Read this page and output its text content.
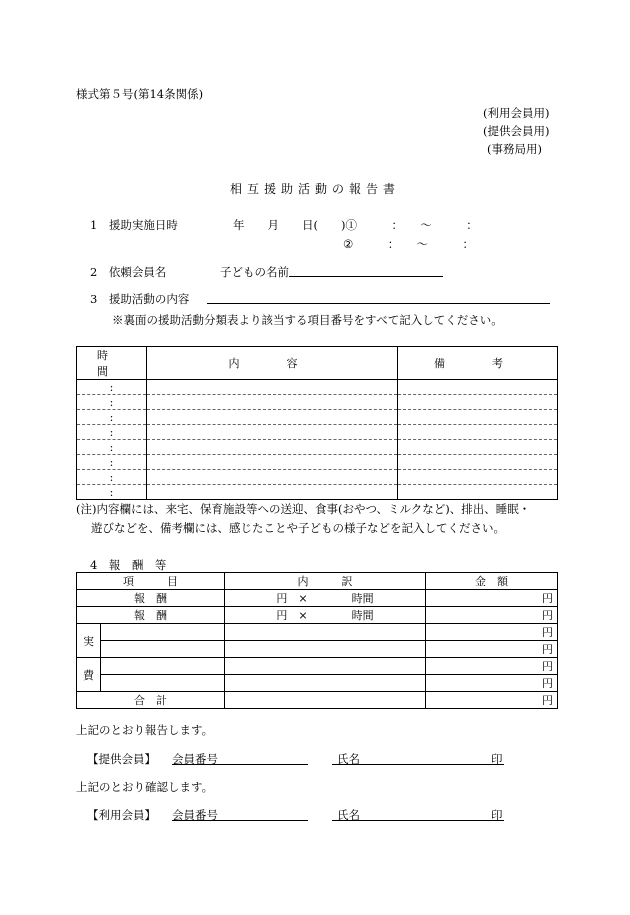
様式第５号(第14条関係)
(利用会員用)
(提供会員用)
(事務局用)
相互援助活動の報告書
1　援助実施日時	年　　月　　日(　　)①　　　：　　〜　　　：
②　　　：　　〜　　　：
2　依頼会員名	子どもの名前
3　援助活動の内容
※裏面の援助活動分類表より該当する項目番号をすべて記入してください。
時　間	内　容	備　考
:		
:		
:		
:		
:		
:		
:		
:		
(注)内容欄には、来宅、保育施設等への送迎、食事(おやつ、ミルクなど)、排出、睡眠・
遊びなどを、備考欄には、感じたことや子どもの様子などを記入してください。
4　報　酬　等
項　　　目		内　　　訳	金　額
報　酬		円　×　　　　時間	円
報　酬		円　×　　　　時間	円
実			円
			円
費			円
			円
合　計			円
上記のとおり報告します。
【提供会員】 会員番号	氏名	印
上記のとおり確認します。
【利用会員】 会員番号	氏名	印
